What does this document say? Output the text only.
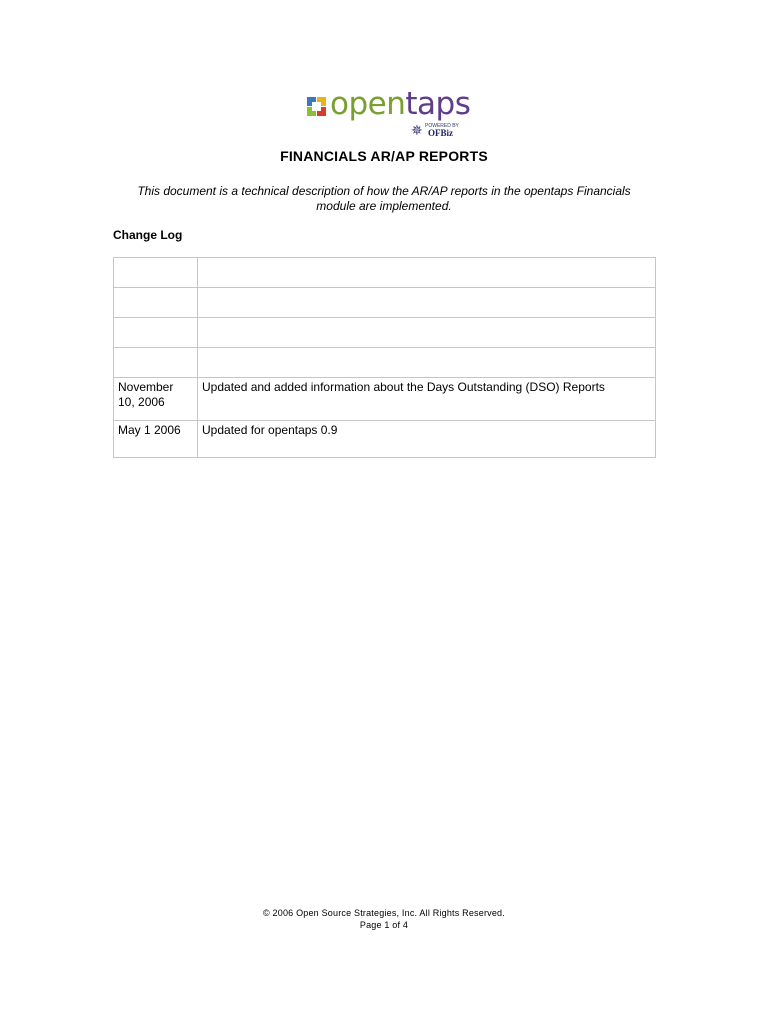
opentaps
✵ POWERED BY
OFBiz
FINANCIALS AR/AP REPORTS
This document is a technical description of how the AR/AP reports in the opentaps Financials
module are implemented.
Change Log

November
10, 2006	Updated and added information about the Days Outstanding (DSO) Reports
May 1 2006	Updated for opentaps 0.9
© 2006 Open Source Strategies, Inc. All Rights Reserved.
Page 1 of 4
